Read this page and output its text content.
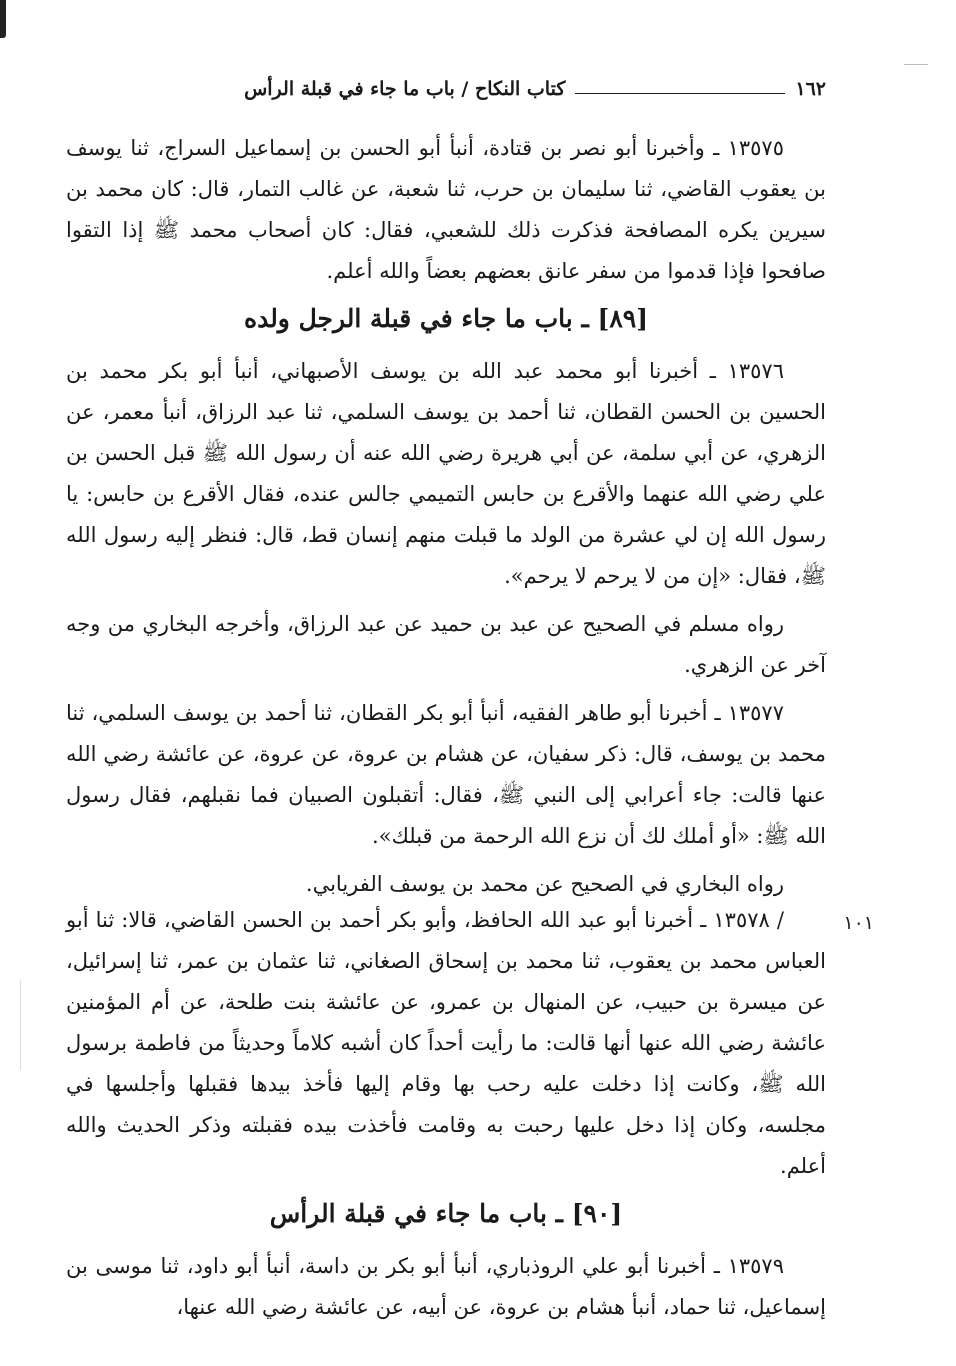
١٦٢
كتاب النكاح / باب ما جاء في قبلة الرأس

١٣٥٧٥ ـ وأخبرنا أبو نصر بن قتادة، أنبأ أبو الحسن بن إسماعيل السراج، ثنا يوسف بن يعقوب القاضي، ثنا سليمان بن حرب، ثنا شعبة، عن غالب التمار، قال: كان محمد بن سيرين يكره المصافحة فذكرت ذلك للشعبي، فقال: كان أصحاب محمد ﷺ إذا التقوا صافحوا فإذا قدموا من سفر عانق بعضهم بعضاً والله أعلم.

[٨٩] ـ باب ما جاء في قبلة الرجل ولده

١٣٥٧٦ ـ أخبرنا أبو محمد عبد الله بن يوسف الأصبهاني، أنبأ أبو بكر محمد بن الحسين بن الحسن القطان، ثنا أحمد بن يوسف السلمي، ثنا عبد الرزاق، أنبأ معمر، عن الزهري، عن أبي سلمة، عن أبي هريرة رضي الله عنه أن رسول الله ﷺ قبل الحسن بن علي رضي الله عنهما والأقرع بن حابس التميمي جالس عنده، فقال الأقرع بن حابس: يا رسول الله إن لي عشرة من الولد ما قبلت منهم إنسان قط، قال: فنظر إليه رسول الله ﷺ، فقال: «إن من لا يرحم لا يرحم».

رواه مسلم في الصحيح عن عبد بن حميد عن عبد الرزاق، وأخرجه البخاري من وجه آخر عن الزهري.

١٣٥٧٧ ـ أخبرنا أبو طاهر الفقيه، أنبأ أبو بكر القطان، ثنا أحمد بن يوسف السلمي، ثنا محمد بن يوسف، قال: ذكر سفيان، عن هشام بن عروة، عن عروة، عن عائشة رضي الله عنها قالت: جاء أعرابي إلى النبي ﷺ، فقال: أتقبلون الصبيان فما نقبلهم، فقال رسول الله ﷺ: «أو أملك لك أن نزع الله الرحمة من قبلك».

رواه البخاري في الصحيح عن محمد بن يوسف الفريابي.

١٠١

/ ١٣٥٧٨ ـ أخبرنا أبو عبد الله الحافظ، وأبو بكر أحمد بن الحسن القاضي، قالا: ثنا أبو العباس محمد بن يعقوب، ثنا محمد بن إسحاق الصغاني، ثنا عثمان بن عمر، ثنا إسرائيل، عن ميسرة بن حبيب، عن المنهال بن عمرو، عن عائشة بنت طلحة، عن أم المؤمنين عائشة رضي الله عنها أنها قالت: ما رأيت أحداً كان أشبه كلاماً وحديثاً من فاطمة برسول الله ﷺ، وكانت إذا دخلت عليه رحب بها وقام إليها فأخذ بيدها فقبلها وأجلسها في مجلسه، وكان إذا دخل عليها رحبت به وقامت فأخذت بيده فقبلته وذكر الحديث والله أعلم.

[٩٠] ـ باب ما جاء في قبلة الرأس

١٣٥٧٩ ـ أخبرنا أبو علي الروذباري، أنبأ أبو بكر بن داسة، أنبأ أبو داود، ثنا موسى بن إسماعيل، ثنا حماد، أنبأ هشام بن عروة، عن أبيه، عن عائشة رضي الله عنها،
